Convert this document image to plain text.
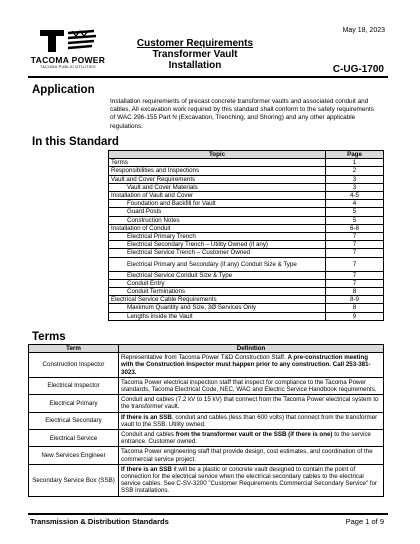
May 18, 2023
TACOMA POWER
TACOMA PUBLIC UTILITIES
Customer Requirements
Transformer Vault
Installation	C-UG-1700
Application
Installation requirements of precast concrete transformer vaults and associated conduit and cables. All excavation work required by this standard shall conform to the safety requirements of WAC 296-155 Part N (Excavation, Trenching, and Shoring) and any other applicable regulations.
In this Standard
Topic	Page
Terms	1
Responsibilities and Inspections	2
Vault and Cover Requirements	3
Vault and Cover Materials	3
Installation of Vault and Cover	4-5
Foundation and Backfill for Vault	4
Guard Posts	5
Construction Notes	5
Installation of Conduit	6-8
Electrical Primary Trench	7
Electrical Secondary Trench – Utility Owned (if any)	7
Electrical Service Trench – Customer Owned	7
Electrical Primary and Secondary (if any) Conduit Size & Type	7
Electrical Service Conduit Size & Type	7
Conduit Entry	7
Conduit Terminations	8
Electrical Service Cable Requirements	8-9
Maximum Quantity and Size, 3Ø Services Only	8
Lengths inside the Vault	9
Terms
Term	Definition
Construction Inspector	Representative from Tacoma Power T&D Construction Staff. A pre-construction meeting with the Construction Inspector must happen prior to any construction. Call 253-381-3023.
Electrical Inspector	Tacoma Power electrical inspection staff that inspect for compliance to the Tacoma Power standards, Tacoma Electrical Code, NEC, WAC and Electric Service Handbook requirements.
Electrical Primary	Conduit and cables (7.2 kV to 15 kV) that connect from the Tacoma Power electrical system to the transformer vault.
Electrical Secondary	If there is an SSB, conduit and cables (less than 600 volts) that connect from the transformer vault to the SSB. Utility owned.
Electrical Service	Conduit and cables from the transformer vault or the SSB (if there is one) to the service entrance. Customer owned.
New Services Engineer	Tacoma Power engineering staff that provide design, cost estimates, and coordination of the commercial service project.
Secondary Service Box (SSB)	If there is an SSB it will be a plastic or concrete vault designed to contain the point of connection for the electrical service when the electrical secondary cables to the electrical service cables. See C-SV-3200 "Customer Requirements Commercial Secondary Service" for SSB installations.
Transmission & Distribution Standards	Page 1 of 9
